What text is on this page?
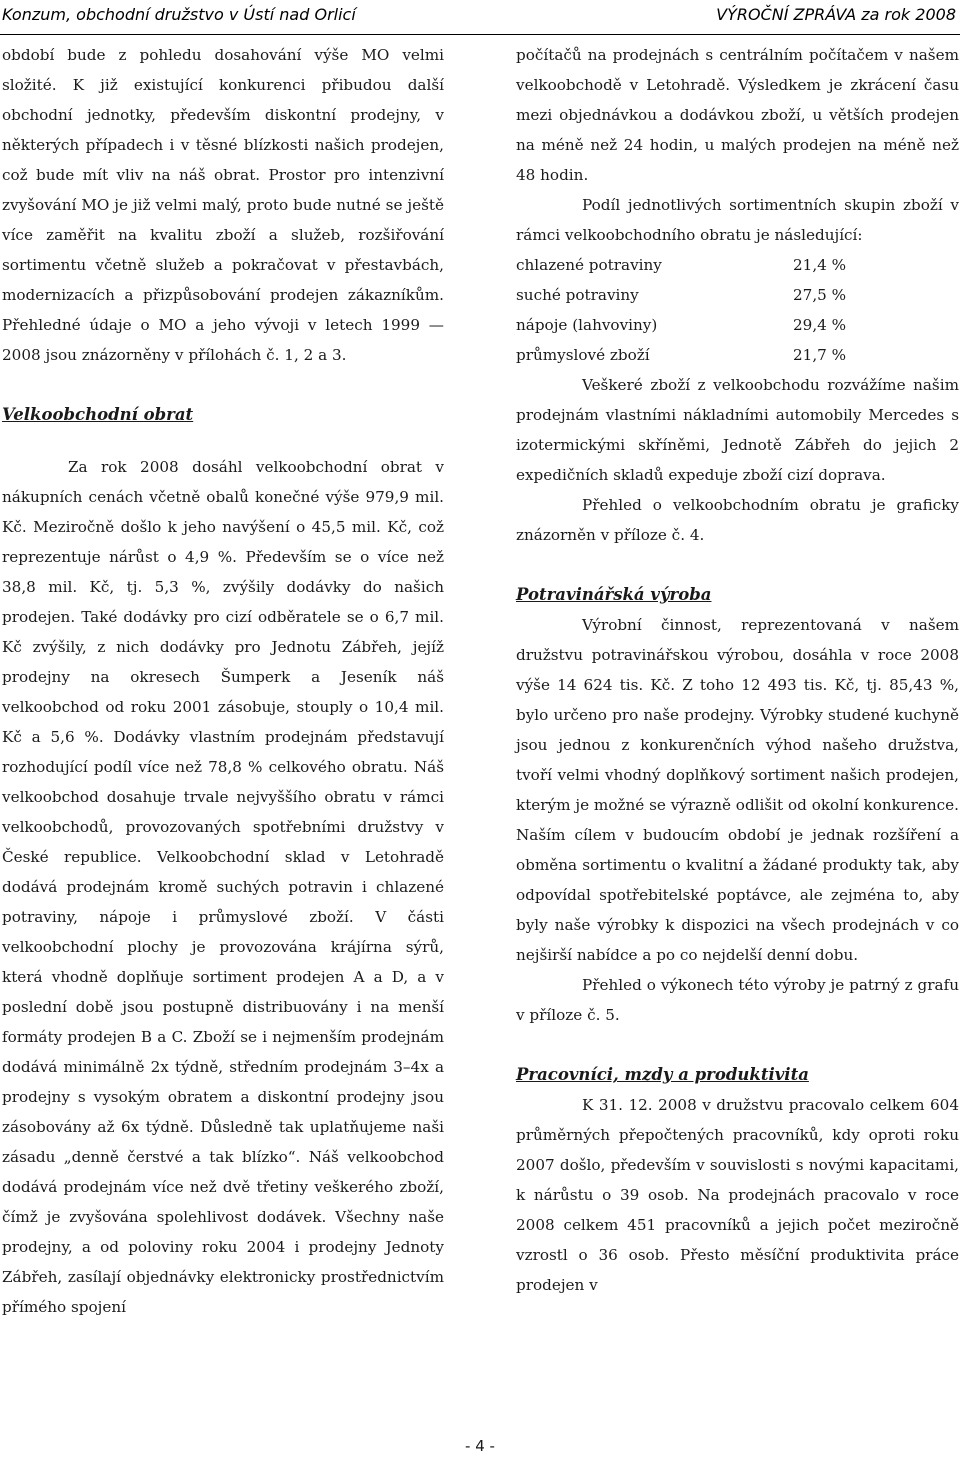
Konzum, obchodní družstvo v Ústí nad Orlicí	VÝROČNÍ ZPRÁVA za rok 2008

období bude z pohledu dosahování výše MO velmi složité. K již existující konkurenci přibudou další obchodní jednotky, především diskontní prodejny, v některých případech i v těsné blízkosti našich prodejen, což bude mít vliv na náš obrat. Prostor pro intenzivní zvyšování MO je již velmi malý, proto bude nutné se ještě více zaměřit na kvalitu zboží a služeb, rozšiřování sortimentu včetně služeb a pokračovat v přestavbách, modernizacích a přizpůsobování prodejen zákazníkům. Přehledné údaje o MO a jeho vývoji v letech 1999 — 2008 jsou znázorněny v přílohách č. 1, 2 a 3.

Velkoobchodní obrat

Za rok 2008 dosáhl velkoobchodní obrat v nákupních cenách včetně obalů konečné výše 979,9 mil. Kč. Meziročně došlo k jeho navýšení o 45,5 mil. Kč, což reprezentuje nárůst o 4,9 %. Především se o více než 38,8 mil. Kč, tj. 5,3 %, zvýšily dodávky do našich prodejen. Také dodávky pro cizí odběratele se o 6,7 mil. Kč zvýšily, z nich dodávky pro Jednotu Zábřeh, jejíž prodejny na okresech Šumperk a Jeseník náš velkoobchod od roku 2001 zásobuje, stouply o 10,4 mil. Kč a 5,6 %. Dodávky vlastním prodejnám představují rozhodující podíl více než 78,8 % celkového obratu. Náš velkoobchod dosahuje trvale nejvyššího obratu v rámci velkoobchodů, provozovaných spotřebními družstvy v České republice. Velkoobchodní sklad v Letohradě dodává prodejnám kromě suchých potravin i chlazené potraviny, nápoje i průmyslové zboží. V části velkoobchodní plochy je provozována krájírna sýrů, která vhodně doplňuje sortiment prodejen A a D, a v poslední době jsou postupně distribuovány i na menší formáty prodejen B a C. Zboží se i nejmenším prodejnám dodává minimálně 2x týdně, středním prodejnám 3–4x a prodejny s vysokým obratem a diskontní prodejny jsou zásobovány až 6x týdně. Důsledně tak uplatňujeme naši zásadu „denně čerstvé a tak blízko“. Náš velkoobchod dodává prodejnám více než dvě třetiny veškerého zboží, čímž je zvyšována spolehlivost dodávek. Všechny naše prodejny, a od poloviny roku 2004 i prodejny Jednoty Zábřeh, zasílají objednávky elektronicky prostřednictvím přímého spojení

počítačů na prodejnách s centrálním počítačem v našem velkoobchodě v Letohradě. Výsledkem je zkrácení času mezi objednávkou a dodávkou zboží, u větších prodejen na méně než 24 hodin, u malých prodejen na méně než 48 hodin.

Podíl jednotlivých sortimentních skupin zboží v rámci velkoobchodního obratu je následující:

chlazené potraviny	21,4 %
suché potraviny	27,5 %
nápoje (lahvoviny)	29,4 %
průmyslové zboží	21,7 %

Veškeré zboží z velkoobchodu rozvážíme našim prodejnám vlastními nákladními automobily Mercedes s izotermickými skříněmi, Jednotě Zábřeh do jejich 2 expedičních skladů expeduje zboží cizí doprava.

Přehled o velkoobchodním obratu je graficky znázorněn v příloze č. 4.

Potravinářská výroba

Výrobní činnost, reprezentovaná v našem družstvu potravinářskou výrobou, dosáhla v roce 2008 výše 14 624 tis. Kč. Z toho 12 493 tis. Kč, tj. 85,43 %, bylo určeno pro naše prodejny. Výrobky studené kuchyně jsou jednou z konkurenčních výhod našeho družstva, tvoří velmi vhodný doplňkový sortiment našich prodejen, kterým je možné se výrazně odlišit od okolní konkurence. Naším cílem v budoucím období je jednak rozšíření a obměna sortimentu o kvalitní a žádané produkty tak, aby odpovídal spotřebitelské poptávce, ale zejména to, aby byly naše výrobky k dispozici na všech prodejnách v co nejširší nabídce a po co nejdelší denní dobu.

Přehled o výkonech této výroby je patrný z grafu v příloze č. 5.

Pracovníci, mzdy a produktivita

K 31. 12. 2008 v družstvu pracovalo celkem 604 průměrných přepočtených pracovníků, kdy oproti roku 2007 došlo, především v souvislosti s novými kapacitami, k nárůstu o 39 osob. Na prodejnách pracovalo v roce 2008 celkem 451 pracovníků a jejich počet meziročně vzrostl o 36 osob. Přesto měsíční produktivita práce prodejen v

- 4 -
